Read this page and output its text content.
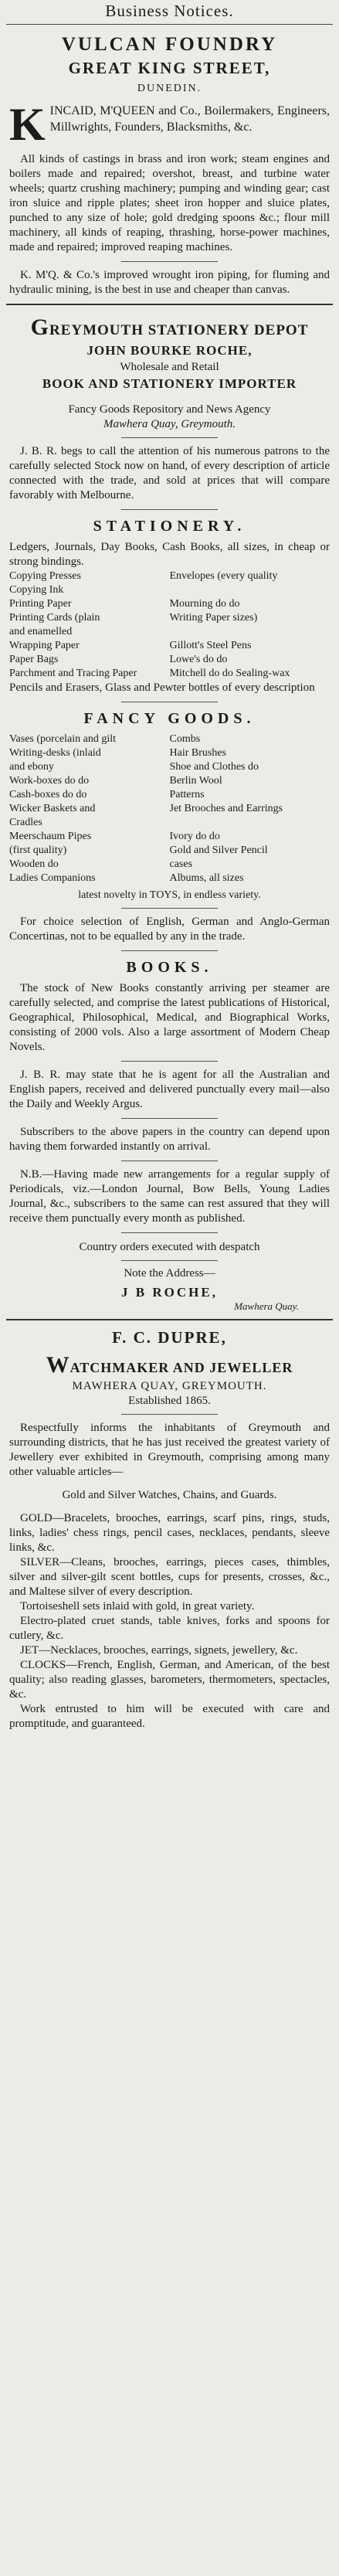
Business Notices.
VULCAN FOUNDRY
GREAT KING STREET,
DUNEDIN.
K INCAID, M'QUEEN and Co., Boilermakers, Engineers, Millwrights, Founders, Blacksmiths, &c.

All kinds of castings in brass and iron work; steam engines and boilers made and repaired; overshot, breast, and turbine water wheels; quartz crushing machinery; pumping and winding gear; cast iron sluice and ripple plates; sheet iron hopper and sluice plates, punched to any size of hole; gold dredging spoons &c.; flour mill machinery, all kinds of reaping, thrashing, horse-power machines, made and repaired; improved reaping machines.

K. M'Q. & Co.'s improved wrought iron piping, for fluming and hydraulic mining, is the best in use and cheaper than canvas.

GREYMOUTH STATIONERY DEPOT
JOHN BOURKE ROCHE,
Wholesale and Retail
BOOK AND STATIONERY IMPORTER
Fancy Goods Repository and News Agency
Mawhera Quay, Greymouth.

J. B. R. begs to call the attention of his numerous patrons to the carefully selected Stock now on hand, of every description of article connected with the trade, and sold at prices that will compare favorably with Melbourne.

STATIONERY.

Ledgers, Journals, Day Books, Cash Books, all sizes, in cheap or strong bindings.

Copying Presses
Copying Ink
Printing Paper
Printing Cards (plain
and enamelled
Wrapping Paper
Paper Bags
Parchment and Tracing Paper
Envelopes (every quality
Mourning do do
Writing Paper sizes)
Gillott's Steel Pens
Lowe's do do
Mitchell do do Sealing-wax

Pencils and Erasers, Glass and Pewter bottles of every description

FANCY GOODS.
Vases (porcelain and gilt
Writing-desks (inlaid
and ebony
Work-boxes do do
Cash-boxes do do
Wicker Baskets and
Cradles
Meerschaum Pipes
(first quality)
Wooden do
Ladies Companions
Combs
Hair Brushes
Shoe and Clothes do
Berlin Wool
Patterns
Jet Brooches and Earrings
Ivory do do
Gold and Silver Pencil
cases
Albums, all sizes
latest novelty in TOYS, in endless variety.

For choice selection of English, German and Anglo-German Concertinas, not to be equalled by any in the trade.

BOOKS.

The stock of New Books constantly arriving per steamer are carefully selected, and comprise the latest publications of Historical, Geographical, Philosophical, Medical, and Biographical Works, consisting of 2000 vols. Also a large assortment of Modern Cheap Novels.

J. B. R. may state that he is agent for all the Australian and English papers, received and delivered punctually every mail—also the Daily and Weekly Argus.

Subscribers to the above papers in the country can depend upon having them forwarded instantly on arrival.

N.B.—Having made new arrangements for a regular supply of Periodicals, viz.—London Journal, Bow Bells, Young Ladies Journal, &c., subscribers to the same can rest assured that they will receive them punctually every month as published.

Country orders executed with despatch
Note the Address—
J B ROCHE,
Mawhera Quay.
F. C. DUPRE,
WATCHMAKER AND JEWELLER
MAWHERA QUAY, GREYMOUTH.
Established 1865.

Respectfully informs the inhabitants of Greymouth and surrounding districts, that he has just received the greatest variety of Jewellery ever exhibited in Greymouth, comprising among many other valuable articles—

Gold and Silver Watches, Chains, and Guards.

GOLD—Bracelets, brooches, earrings, scarf pins, rings, studs, links, ladies' chess rings, pencil cases, necklaces, pendants, sleeve links, &c.

SILVER—Cleans, brooches, earrings, pieces cases, thimbles, silver and silver-gilt scent bottles, cups for presents, crosses, &c., and Maltese silver of every description.

Tortoiseshell sets inlaid with gold, in great variety.

Electro-plated cruet stands, table knives, forks and spoons for cutlery, &c.

JET—Necklaces, brooches, earrings, signets, jewellery, &c.

CLOCKS—French, English, German, and American, of the best quality; also reading glasses, barometers, thermometers, spectacles, &c.

Work entrusted to him will be executed with care and promptitude, and guaranteed.
